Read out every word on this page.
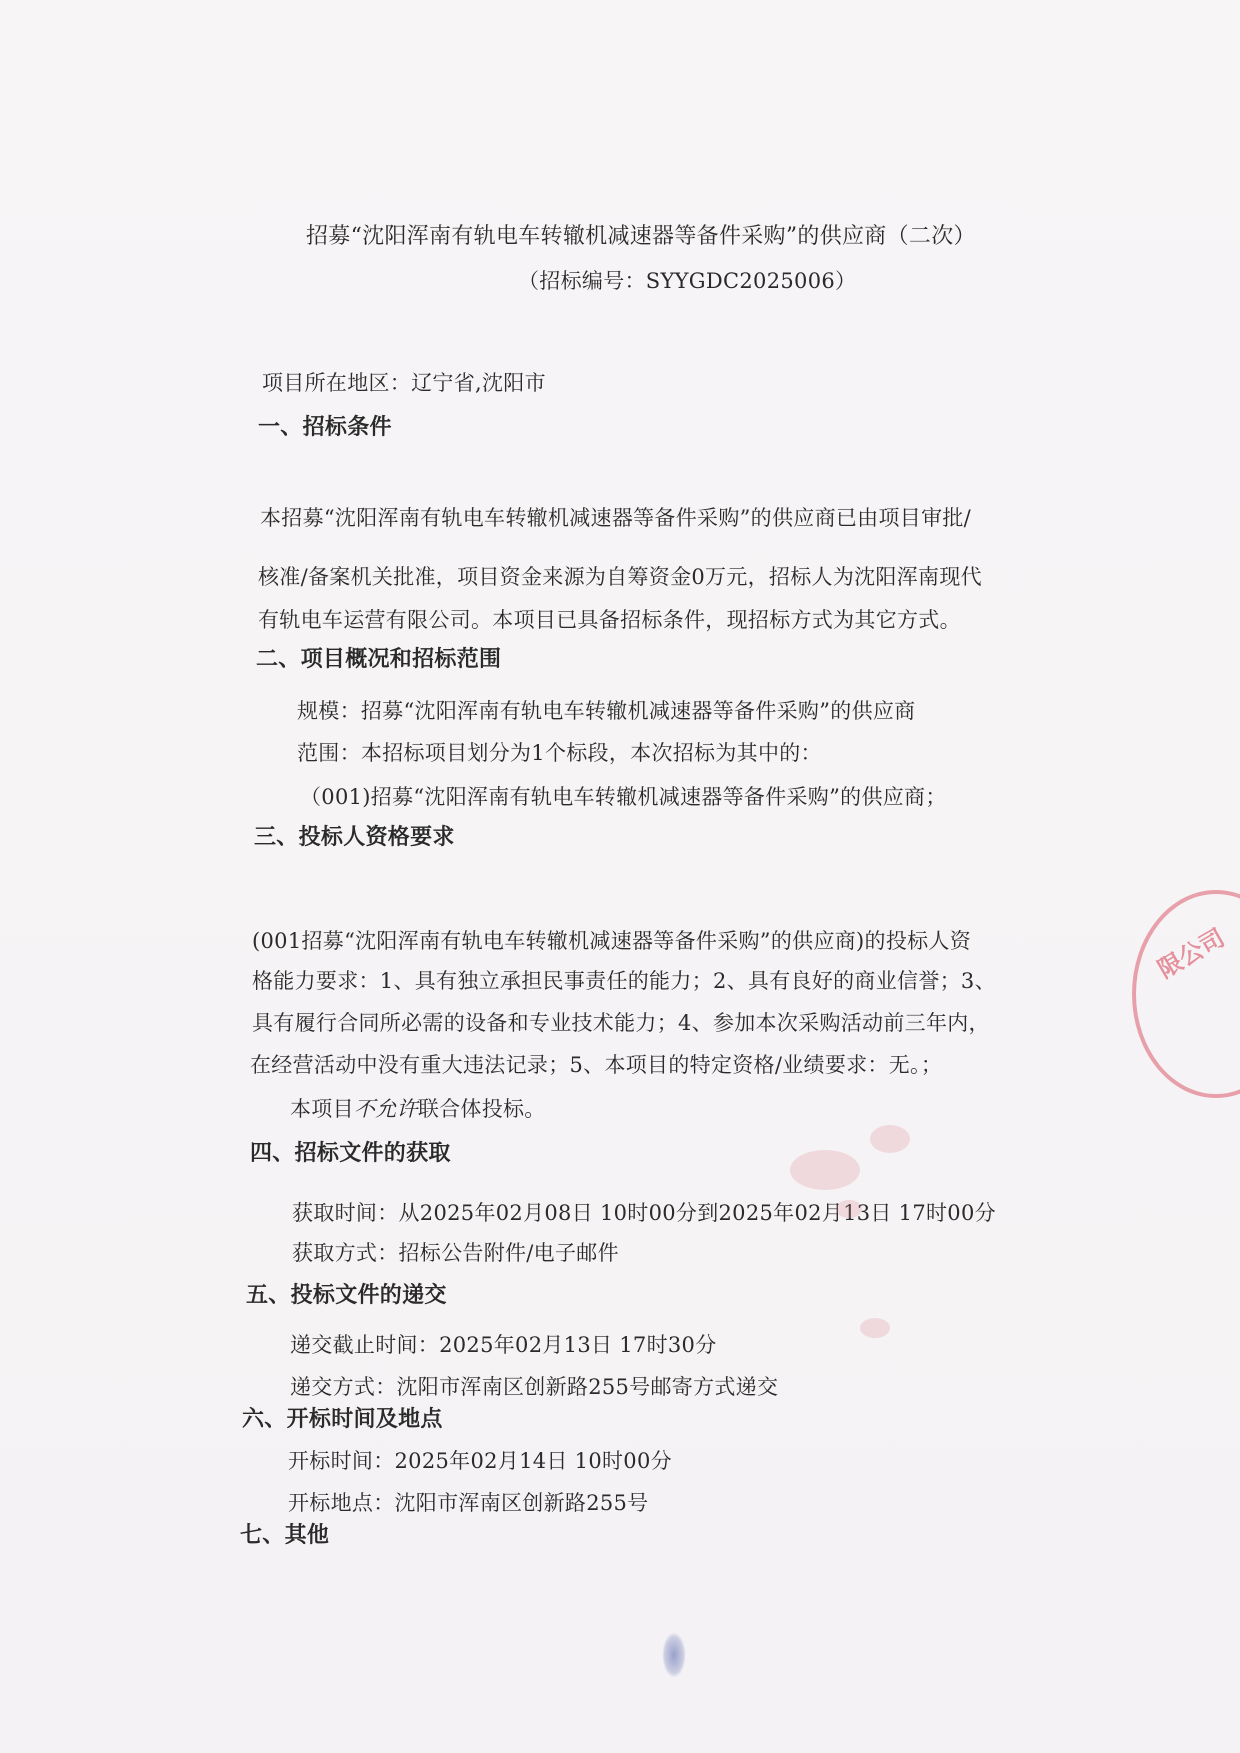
招募“沈阳浑南有轨电车转辙机减速器等备件采购”的供应商（二次）
（招标编号：SYYGDC2025006）
项目所在地区：辽宁省,沈阳市
一、招标条件
本招募“沈阳浑南有轨电车转辙机减速器等备件采购”的供应商已由项目审批/
核准/备案机关批准，项目资金来源为自筹资金0万元，招标人为沈阳浑南现代
有轨电车运营有限公司。本项目已具备招标条件，现招标方式为其它方式。
二、项目概况和招标范围
规模：招募“沈阳浑南有轨电车转辙机减速器等备件采购”的供应商
范围：本招标项目划分为1个标段，本次招标为其中的：
（001)招募“沈阳浑南有轨电车转辙机减速器等备件采购”的供应商；
三、投标人资格要求
(001招募“沈阳浑南有轨电车转辙机减速器等备件采购”的供应商)的投标人资
格能力要求：1、具有独立承担民事责任的能力；2、具有良好的商业信誉；3、
具有履行合同所必需的设备和专业技术能力；4、参加本次采购活动前三年内，
在经营活动中没有重大违法记录；5、本项目的特定资格/业绩要求：无。；
本项目不允许联合体投标。
四、招标文件的获取
获取时间：从2025年02月08日 10时00分到2025年02月13日 17时00分
获取方式：招标公告附件/电子邮件
五、投标文件的递交
递交截止时间：2025年02月13日 17时30分
递交方式：沈阳市浑南区创新路255号邮寄方式递交
六、开标时间及地点
开标时间：2025年02月14日 10时00分
开标地点：沈阳市浑南区创新路255号
七、其他
限公司
